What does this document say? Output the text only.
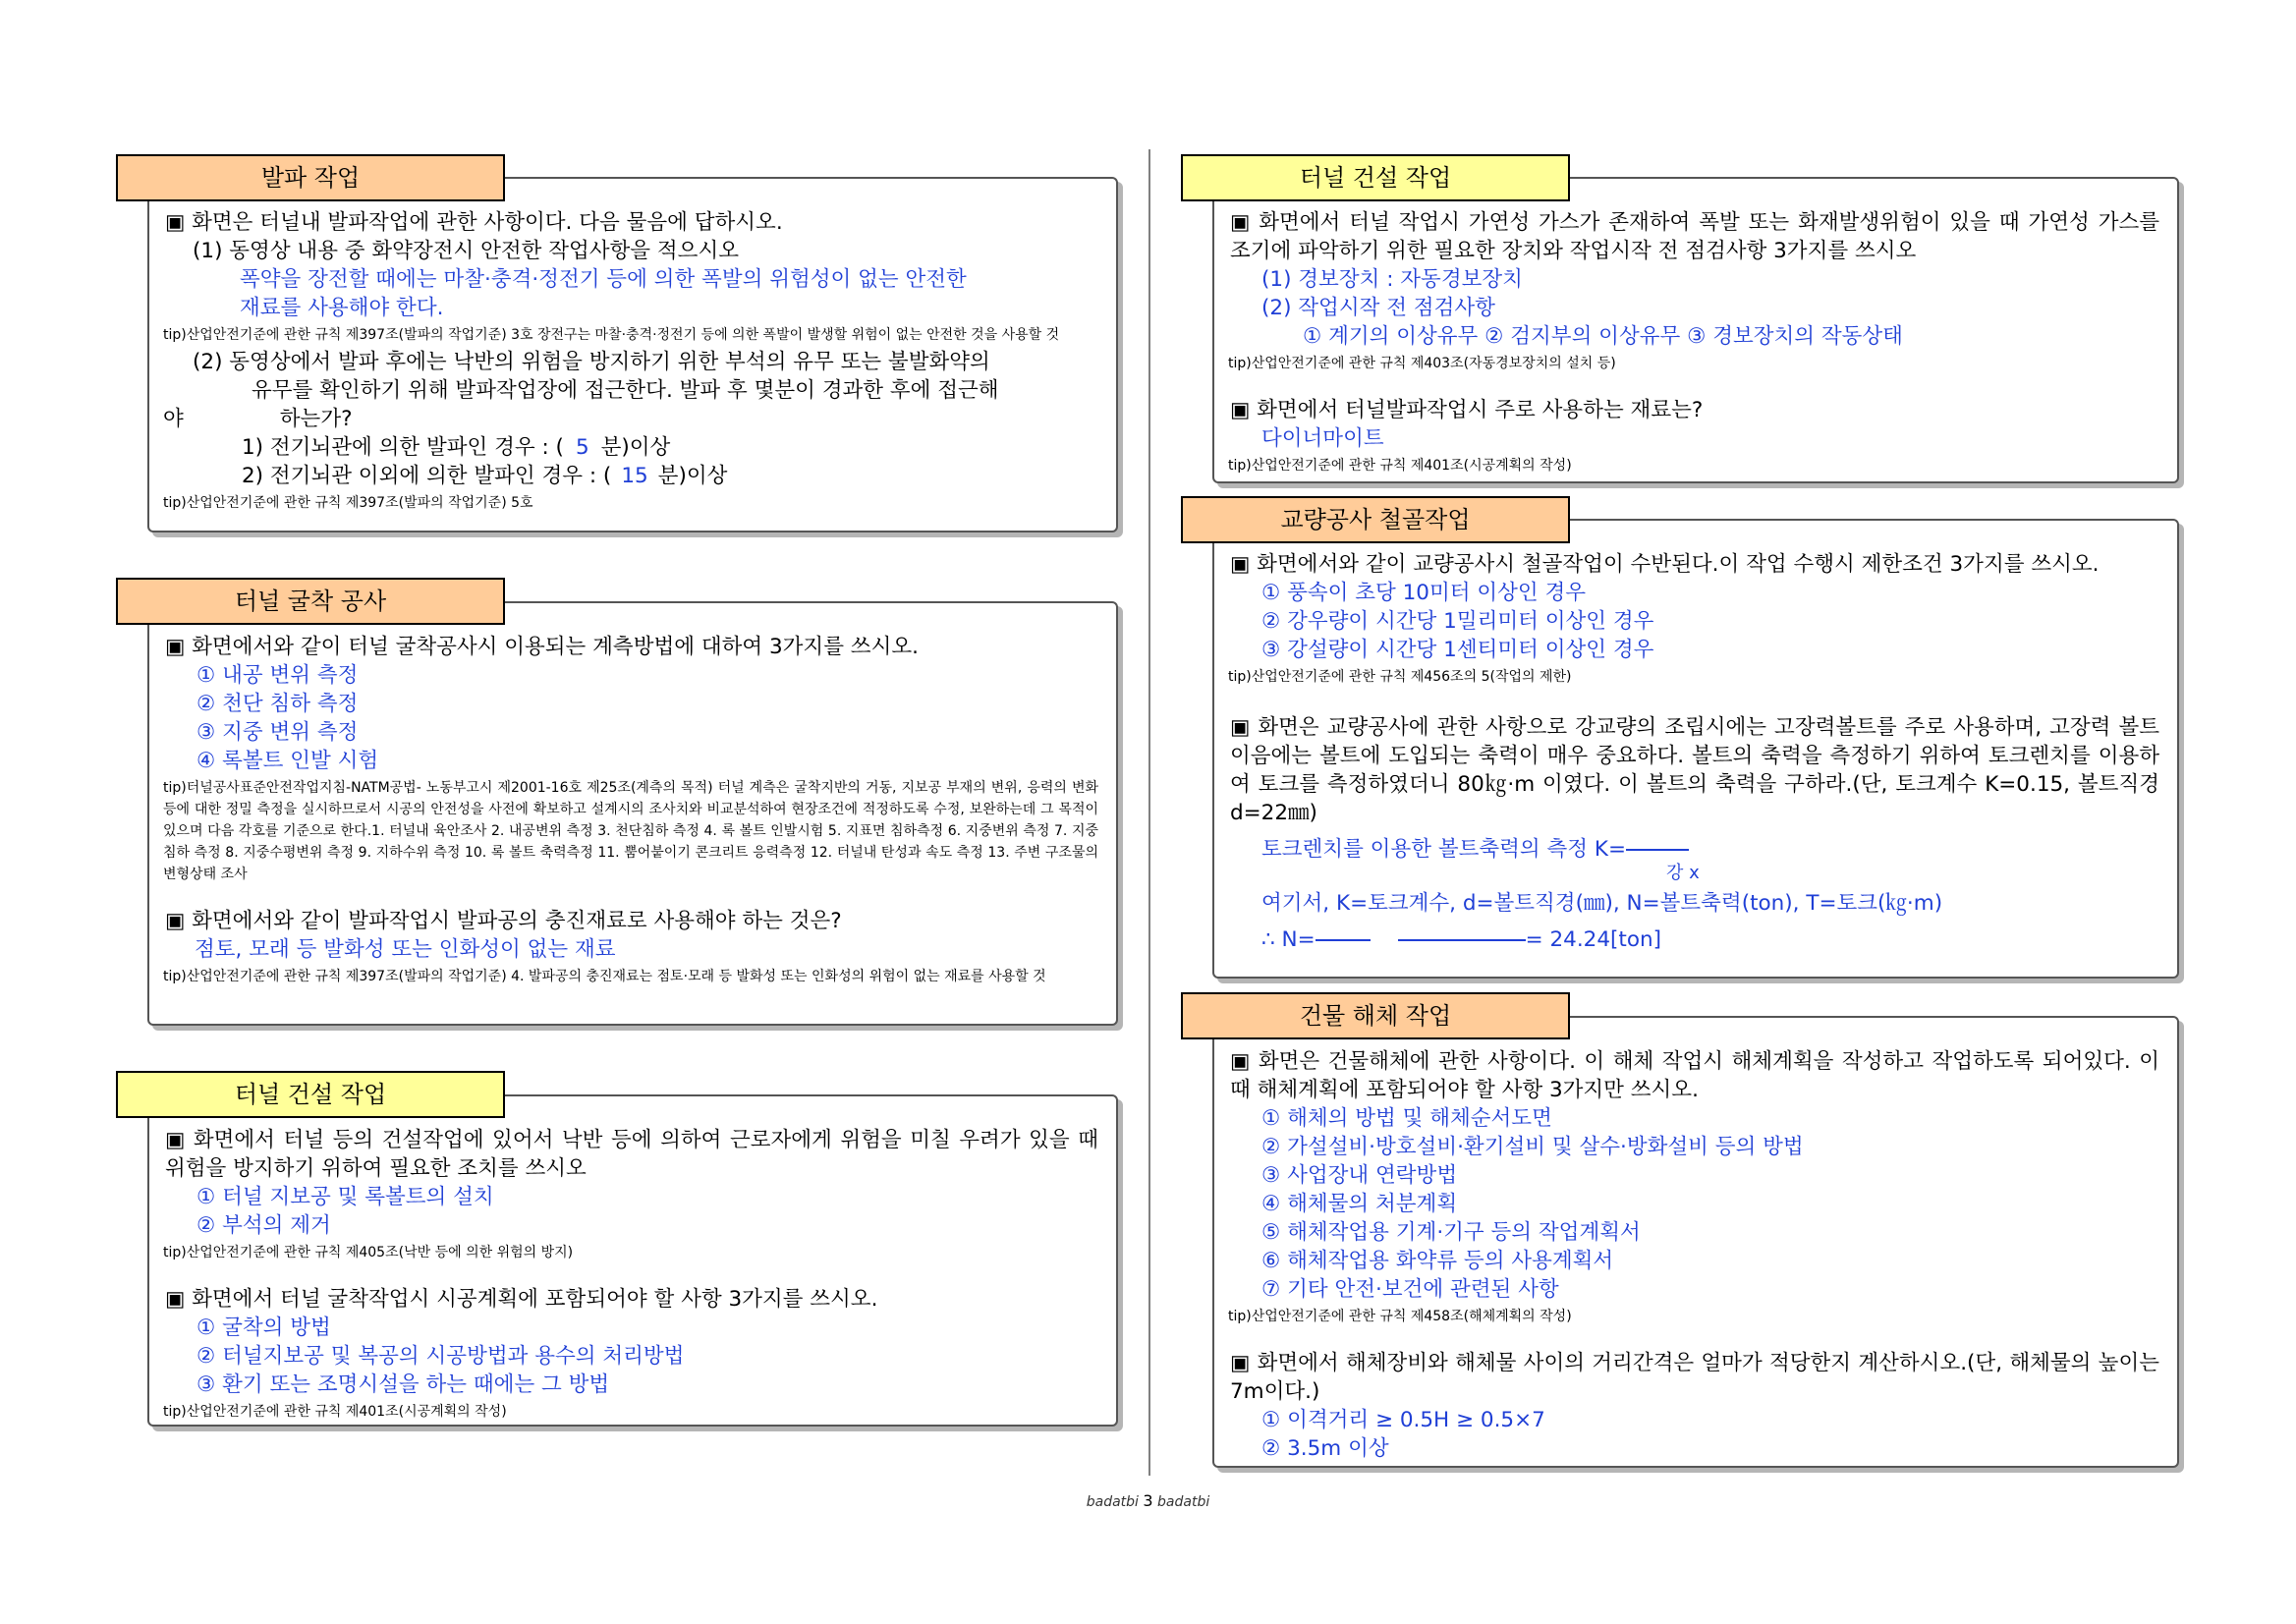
▣ 화면은 터널내 발파작업에 관한 사항이다. 다음 물음에 답하시오.

(1) 동영상 내용 중 화약장전시 안전한 작업사항을 적으시오

폭약을 장전할 때에는 마찰·충격·정전기 등에 의한 폭발의 위험성이 없는 안전한

재료를 사용해야 한다.

tip)산업안전기준에 관한 규칙 제397조(발파의 작업기준) 3호 장전구는 마찰·충격·정전기 등에 의한 폭발이 발생할 위험이 없는 안전한 것을 사용할 것

(2) 동영상에서 발파 후에는 낙반의 위험을 방지하기 위한 부석의 유무 또는 불발화약의

유무를 확인하기 위해 발파작업장에 접근한다. 발파 후 몇분이 경과한 후에 접근해

야	하는가?

1) 전기뇌관에 의한 발파인 경우 : ( 5 분)이상

2) 전기뇌관 이외에 의한 발파인 경우 : ( 15 분)이상

tip)산업안전기준에 관한 규칙 제397조(발파의 작업기준) 5호

발파 작업

▣ 화면에서와 같이 터널 굴착공사시 이용되는 계측방법에 대하여 3가지를 쓰시오.

① 내공 변위 측정

② 천단 침하 측정

③ 지중 변위 측정

④ 록볼트 인발 시험

tip)터널공사표준안전작업지침-NATM공법- 노동부고시 제2001-16호 제25조(계측의 목적) 터널 계측은 굴착지반의 거동, 지보공 부재의 변위, 응력의 변화 등에 대한 정밀 측정을 실시하므로서 시공의 안전성을 사전에 확보하고 설계시의 조사치와 비교분석하여 현장조건에 적정하도록 수정, 보완하는데 그 목적이 있으며 다음 각호를 기준으로 한다.1. 터널내 육안조사 2. 내공변위 측정 3. 천단침하 측정 4. 록 볼트 인발시험 5. 지표면 침하측정 6. 지중변위 측정 7. 지중침하 측정 8. 지중수평변위 측정 9. 지하수위 측정 10. 록 볼트 축력측정 11. 뿜어붙이기 콘크리트 응력측정 12. 터널내 탄성과 속도 측정 13. 주변 구조물의 변형상태 조사

▣ 화면에서와 같이 발파작업시 발파공의 충진재료로 사용해야 하는 것은?

점토, 모래 등 발화성 또는 인화성이 없는 재료

tip)산업안전기준에 관한 규칙 제397조(발파의 작업기준) 4. 발파공의 충진재료는 점토·모래 등 발화성 또는 인화성의 위험이 없는 재료를 사용할 것

터널 굴착 공사

▣ 화면에서 터널 등의 건설작업에 있어서 낙반 등에 의하여 근로자에게 위험을 미칠 우려가 있을 때 위험을 방지하기 위하여 필요한 조치를 쓰시오

① 터널 지보공 및 록볼트의 설치

② 부석의 제거

tip)산업안전기준에 관한 규칙 제405조(낙반 등에 의한 위험의 방지)

▣ 화면에서 터널 굴착작업시 시공계획에 포함되어야 할 사항 3가지를 쓰시오.

① 굴착의 방법

② 터널지보공 및 복공의 시공방법과 용수의 처리방법

③ 환기 또는 조명시설을 하는 때에는 그 방법

tip)산업안전기준에 관한 규칙 제401조(시공계획의 작성)

터널 건설 작업

▣ 화면에서 터널 작업시 가연성 가스가 존재하여 폭발 또는 화재발생위험이 있을 때 가연성 가스를 조기에 파악하기 위한 필요한 장치와 작업시작 전 점검사항 3가지를 쓰시오

(1) 경보장치 : 자동경보장치

(2) 작업시작 전 점검사항

① 계기의 이상유무 ② 검지부의 이상유무 ③ 경보장치의 작동상태

tip)산업안전기준에 관한 규칙 제403조(자동경보장치의 설치 등)

▣ 화면에서 터널발파작업시 주로 사용하는 재료는?

다이너마이트

tip)산업안전기준에 관한 규칙 제401조(시공계획의 작성)

터널 건설 작업

▣ 화면에서와 같이 교량공사시 철골작업이 수반된다.이 작업 수행시 제한조건 3가지를 쓰시오.

① 풍속이 초당 10미터 이상인 경우

② 강우량이 시간당 1밀리미터 이상인 경우

③ 강설량이 시간당 1센티미터 이상인 경우

tip)산업안전기준에 관한 규칙 제456조의 5(작업의 제한)

▣ 화면은 교량공사에 관한 사항으로 강교량의 조립시에는 고장력볼트를 주로 사용하며, 고장력 볼트 이음에는 볼트에 도입되는 축력이 매우 중요하다. 볼트의 축력을 측정하기 위하여 토크렌치를 이용하여 토크를 측정하였더니 80㎏·m 이였다. 이 볼트의 축력을 구하라.(단, 토크계수 K=0.15, 볼트직경 d=22㎜)

토크렌치를 이용한 볼트축력의 측정 K=

강 x

여기서, K=토크계수, d=볼트직경(㎜), N=볼트축력(ton), T=토크(㎏·m)

∴ N=	= 24.24[ton]

교량공사 철골작업

▣ 화면은 건물해체에 관한 사항이다. 이 해체 작업시 해체계획을 작성하고 작업하도록 되어있다. 이 때 해체계획에 포함되어야 할 사항 3가지만 쓰시오.

① 해체의 방법 및 해체순서도면

② 가설설비·방호설비·환기설비 및 살수·방화설비 등의 방법

③ 사업장내 연락방법

④ 해체물의 처분계획

⑤ 해체작업용 기계·기구 등의 작업계획서

⑥ 해체작업용 화약류 등의 사용계획서

⑦ 기타 안전·보건에 관련된 사항

tip)산업안전기준에 관한 규칙 제458조(해체계획의 작성)

▣ 화면에서 해체장비와 해체물 사이의 거리간격은 얼마가 적당한지 계산하시오.(단, 해체물의 높이는 7m이다.)

① 이격거리 ≥ 0.5H ≥ 0.5×7

② 3.5m 이상

건물 해체 작업
badatbi 3 badatbi
